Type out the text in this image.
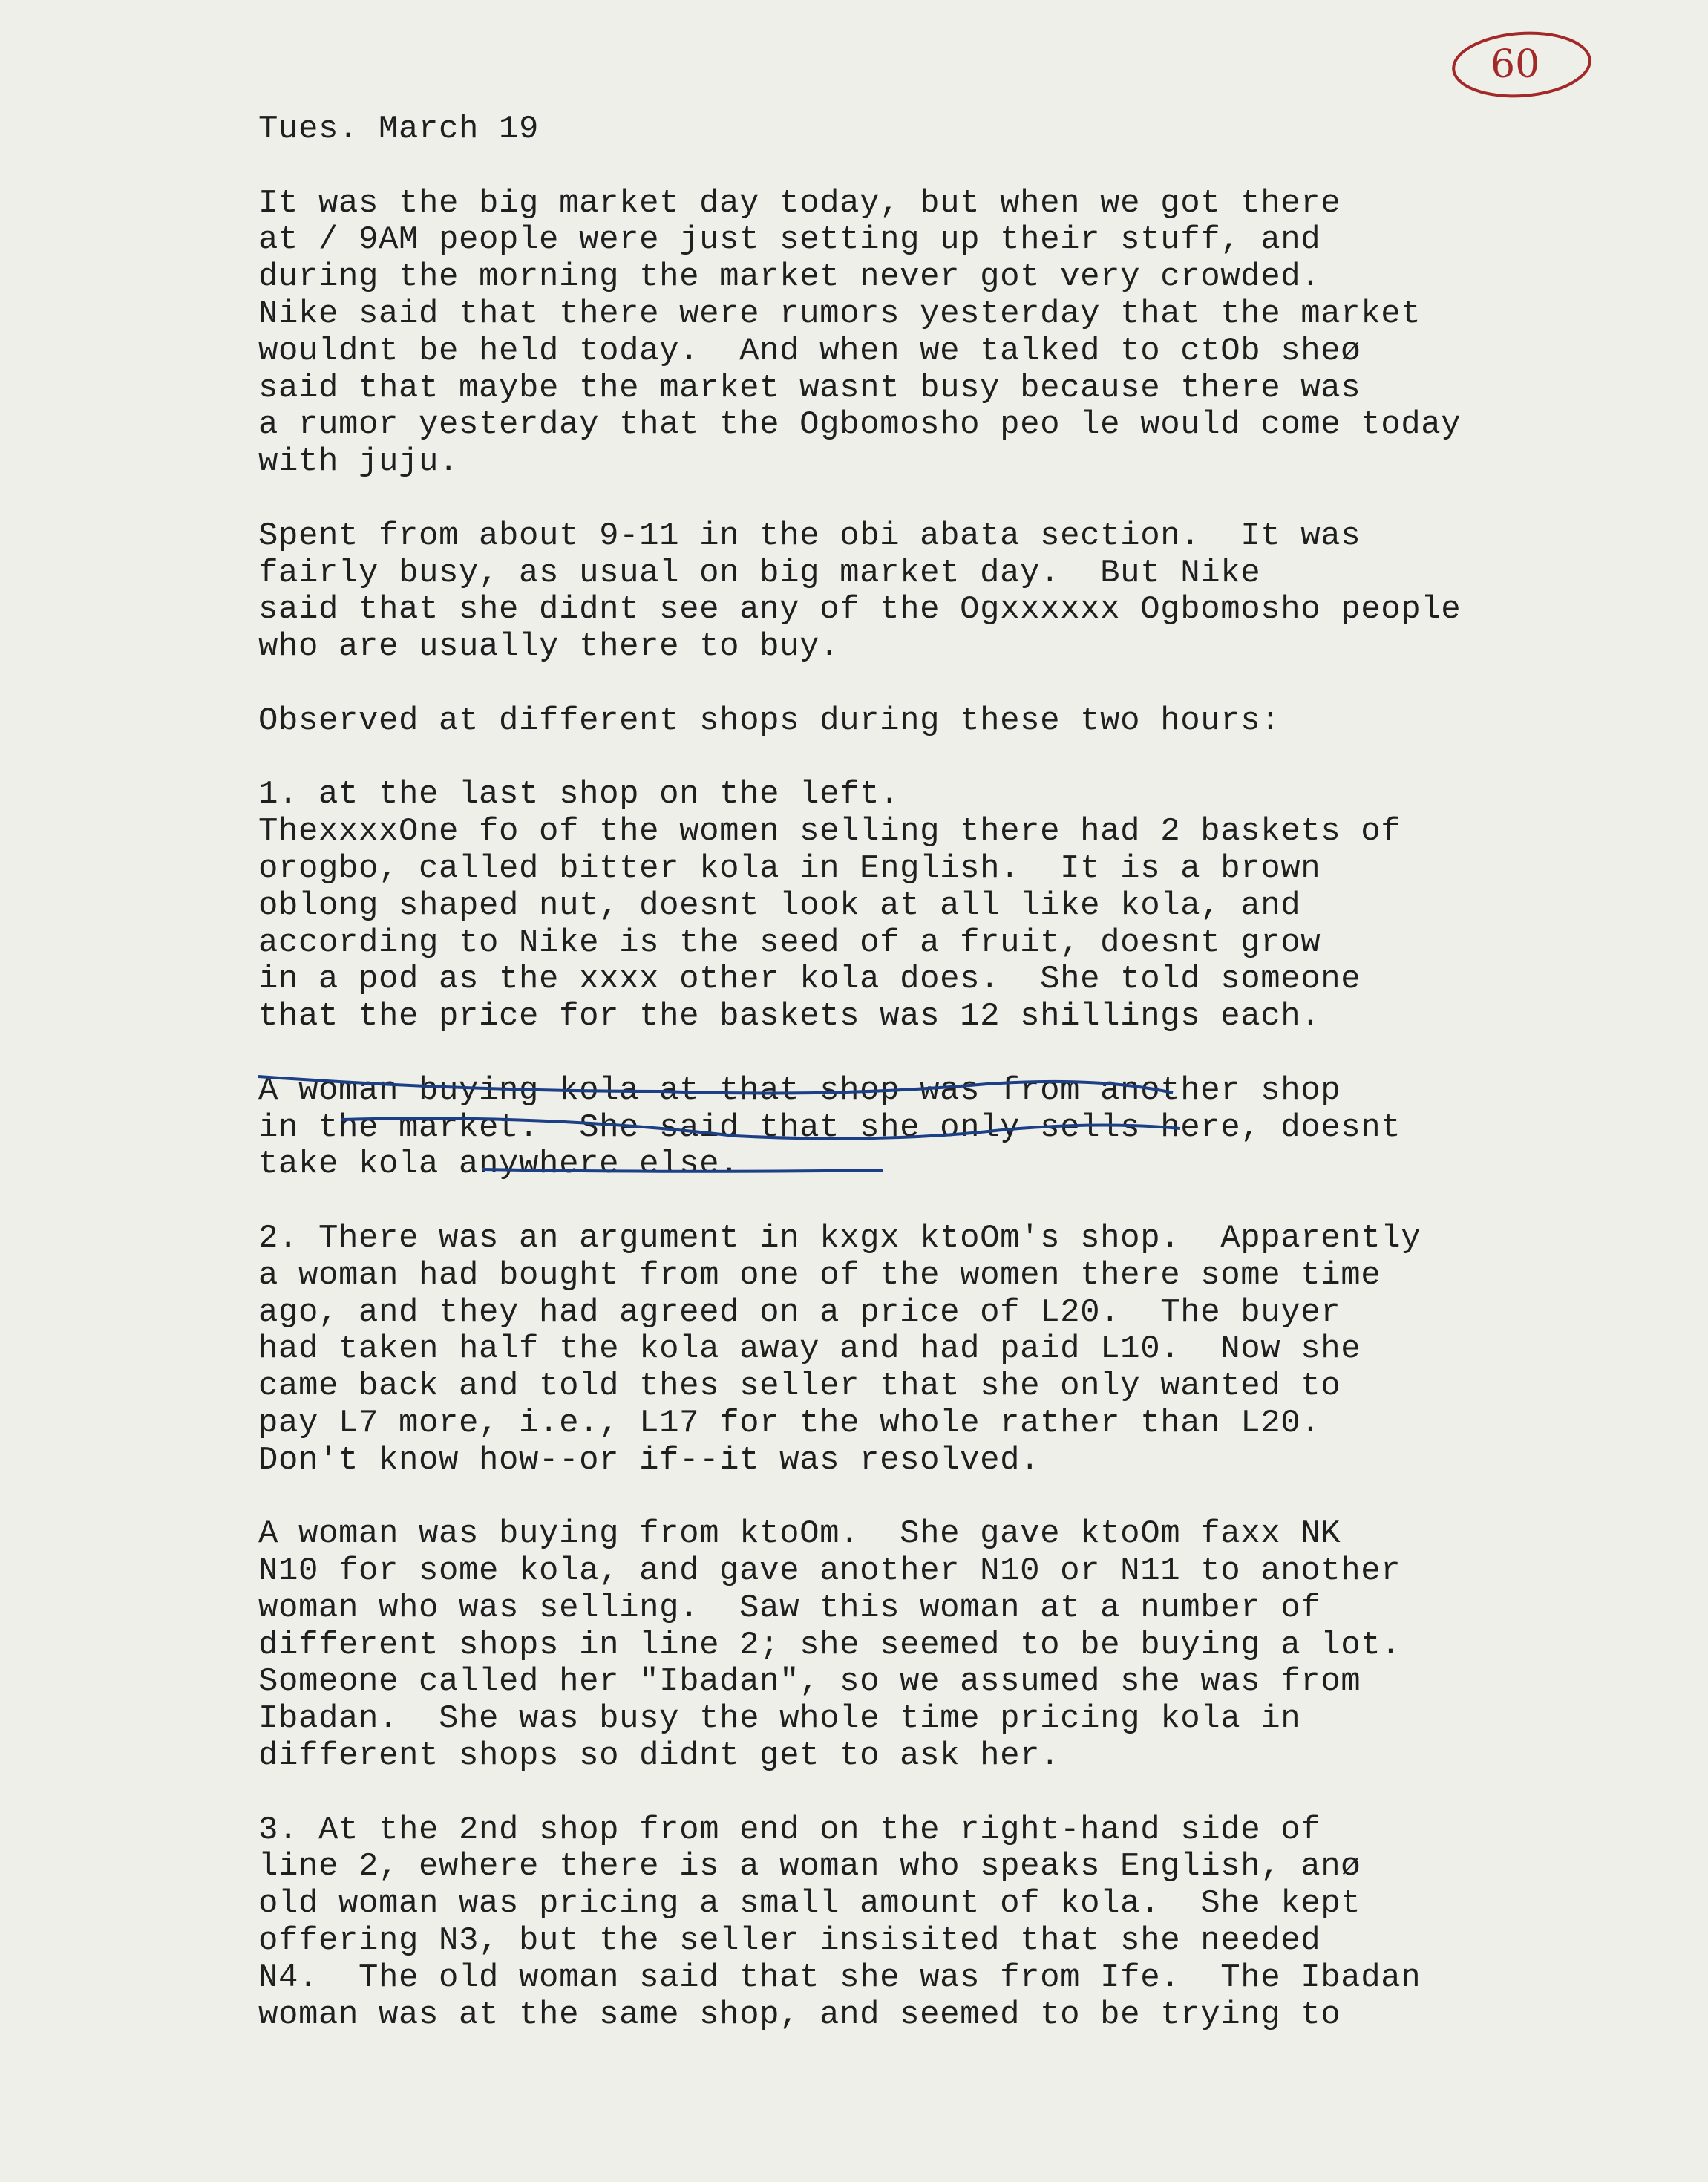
60
Tues. March 19
It was the big market day today, but when we got there
at / 9AM people were just setting up their stuff, and
during the morning the market never got very crowded.
Nike said that there were rumors yesterday that the market
wouldnt be held today.  And when we talked to ctOb sheø
said that maybe the market wasnt busy because there was
a rumor yesterday that the Ogbomosho peo le would come today
with juju.
Spent from about 9-11 in the obi abata section.  It was
fairly busy, as usual on big market day.  But Nike
said that she didnt see any of the Ogxxxxxx Ogbomosho people
who are usually there to buy.
Observed at different shops during these two hours:
1. at the last shop on the left.
ThexxxxOne fo of the women selling there had 2 baskets of
orogbo, called bitter kola in English.  It is a brown
oblong shaped nut, doesnt look at all like kola, and
according to Nike is the seed of a fruit, doesnt grow
in a pod as the xxxx other kola does.  She told someone
that the price for the baskets was 12 shillings each.
A woman buying kola at that shop was from another shop
in the market.  She said that she only sells here, doesnt
take kola anywhere else.
2. There was an argument in kxgx ktoOm's shop.  Apparently
a woman had bought from one of the women there some time
ago, and they had agreed on a price of L20.  The buyer
had taken half the kola away and had paid L10.  Now she
came back and told thes seller that she only wanted to
pay L7 more, i.e., L17 for the whole rather than L20.
Don't know how--or if--it was resolved.
A woman was buying from ktoOm.  She gave ktoOm faxx NK
N10 for some kola, and gave another N10 or N11 to another
woman who was selling.  Saw this woman at a number of
different shops in line 2; she seemed to be buying a lot.
Someone called her "Ibadan", so we assumed she was from
Ibadan.  She was busy the whole time pricing kola in
different shops so didnt get to ask her.
3. At the 2nd shop from end on the right-hand side of
line 2, ewhere there is a woman who speaks English, anø
old woman was pricing a small amount of kola.  She kept
offering N3, but the seller insisited that she needed
N4.  The old woman said that she was from Ife.  The Ibadan
woman was at the same shop, and seemed to be trying to
